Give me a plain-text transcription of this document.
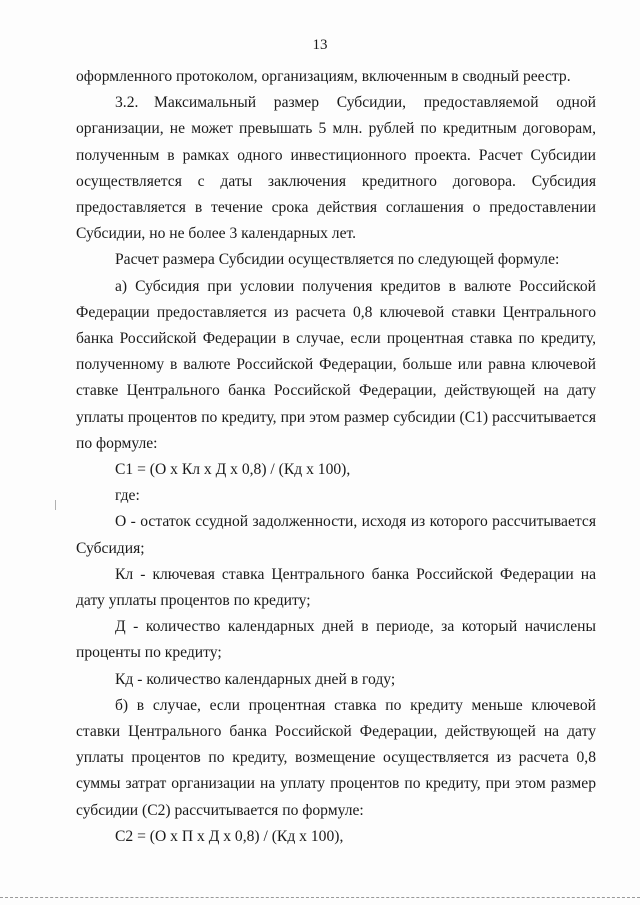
13

оформленного протоколом, организациям, включенным в сводный реестр.

3.2. Максимальный размер Субсидии, предоставляемой одной организации, не может превышать 5 млн. рублей по кредитным договорам, полученным в рамках одного инвестиционного проекта. Расчет Субсидии осуществляется с даты заключения кредитного договора. Субсидия предоставляется в течение срока действия соглашения о предоставлении Субсидии, но не более 3 календарных лет.

Расчет размера Субсидии осуществляется по следующей формуле:

а) Субсидия при условии получения кредитов в валюте Российской Федерации предоставляется из расчета 0,8 ключевой ставки Центрального банка Российской Федерации в случае, если процентная ставка по кредиту, полученному в валюте Российской Федерации, больше или равна ключевой ставке Центрального банка Российской Федерации, действующей на дату уплаты процентов по кредиту, при этом размер субсидии (С1) рассчитывается по формуле:

С1 = (О х Кл х Д х 0,8) / (Кд х 100),

где:

О - остаток ссудной задолженности, исходя из которого рассчитывается Субсидия;

Кл - ключевая ставка Центрального банка Российской Федерации на дату уплаты процентов по кредиту;

Д - количество календарных дней в периоде, за который начислены проценты по кредиту;

Кд - количество календарных дней в году;

б) в случае, если процентная ставка по кредиту меньше ключевой ставки Центрального банка Российской Федерации, действующей на дату уплаты процентов по кредиту, возмещение осуществляется из расчета 0,8 суммы затрат организации на уплату процентов по кредиту, при этом размер субсидии (С2) рассчитывается по формуле:

С2 = (О х П х Д х 0,8) / (Кд х 100),
